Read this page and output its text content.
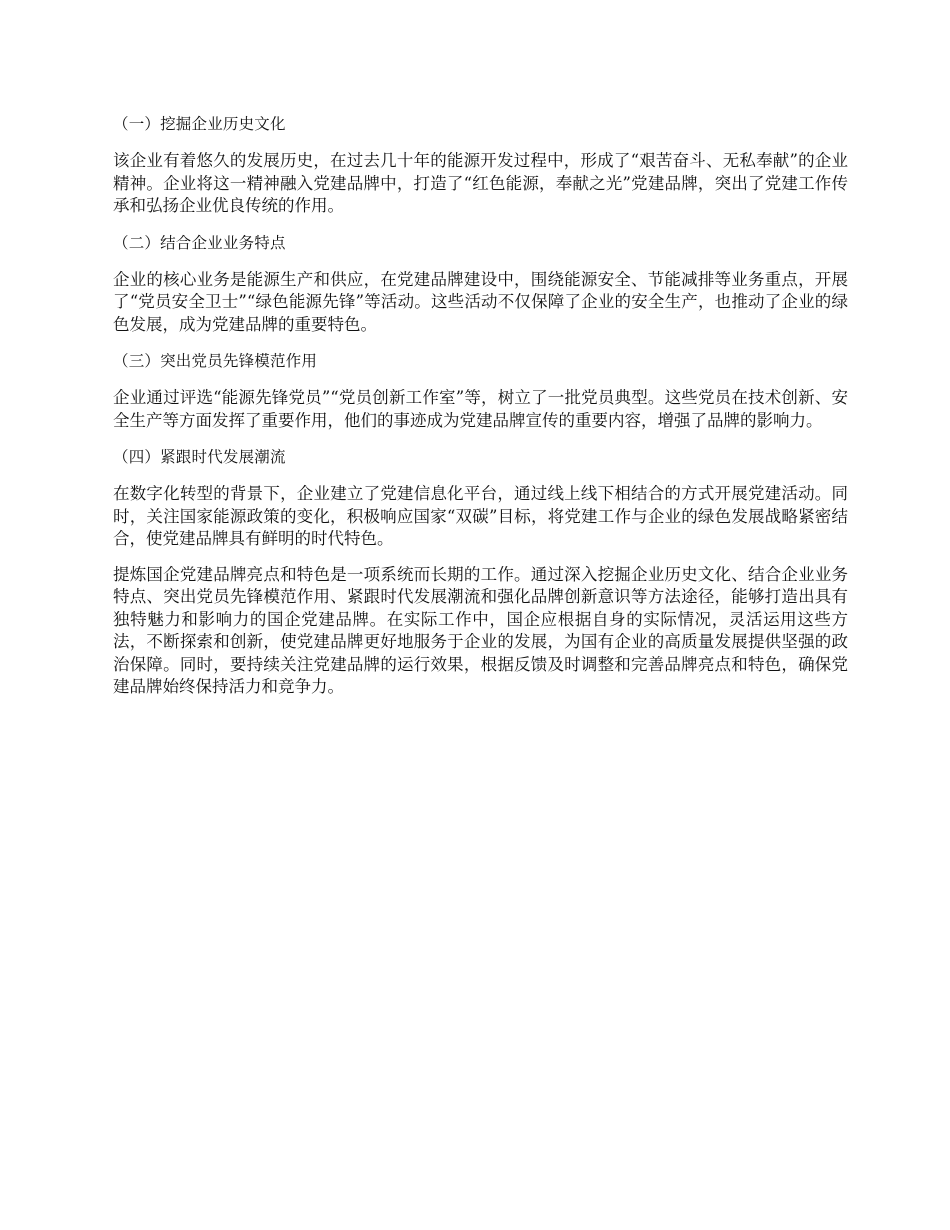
（一）挖掘企业历史文化

该企业有着悠久的发展历史，在过去几十年的能源开发过程中，形成了“艰苦奋斗、无私奉献”的企业精神。企业将这一精神融入党建品牌中，打造了“红色能源，奉献之光”党建品牌，突出了党建工作传承和弘扬企业优良传统的作用。

（二）结合企业业务特点

企业的核心业务是能源生产和供应，在党建品牌建设中，围绕能源安全、节能减排等业务重点，开展了“党员安全卫士”“绿色能源先锋”等活动。这些活动不仅保障了企业的安全生产，也推动了企业的绿色发展，成为党建品牌的重要特色。

（三）突出党员先锋模范作用

企业通过评选“能源先锋党员”“党员创新工作室”等，树立了一批党员典型。这些党员在技术创新、安全生产等方面发挥了重要作用，他们的事迹成为党建品牌宣传的重要内容，增强了品牌的影响力。

（四）紧跟时代发展潮流

在数字化转型的背景下，企业建立了党建信息化平台，通过线上线下相结合的方式开展党建活动。同时，关注国家能源政策的变化，积极响应国家“双碳”目标，将党建工作与企业的绿色发展战略紧密结合，使党建品牌具有鲜明的时代特色。

提炼国企党建品牌亮点和特色是一项系统而长期的工作。通过深入挖掘企业历史文化、结合企业业务特点、突出党员先锋模范作用、紧跟时代发展潮流和强化品牌创新意识等方法途径，能够打造出具有独特魅力和影响力的国企党建品牌。在实际工作中，国企应根据自身的实际情况，灵活运用这些方法，不断探索和创新，使党建品牌更好地服务于企业的发展，为国有企业的高质量发展提供坚强的政治保障。同时，要持续关注党建品牌的运行效果，根据反馈及时调整和完善品牌亮点和特色，确保党建品牌始终保持活力和竞争力。
